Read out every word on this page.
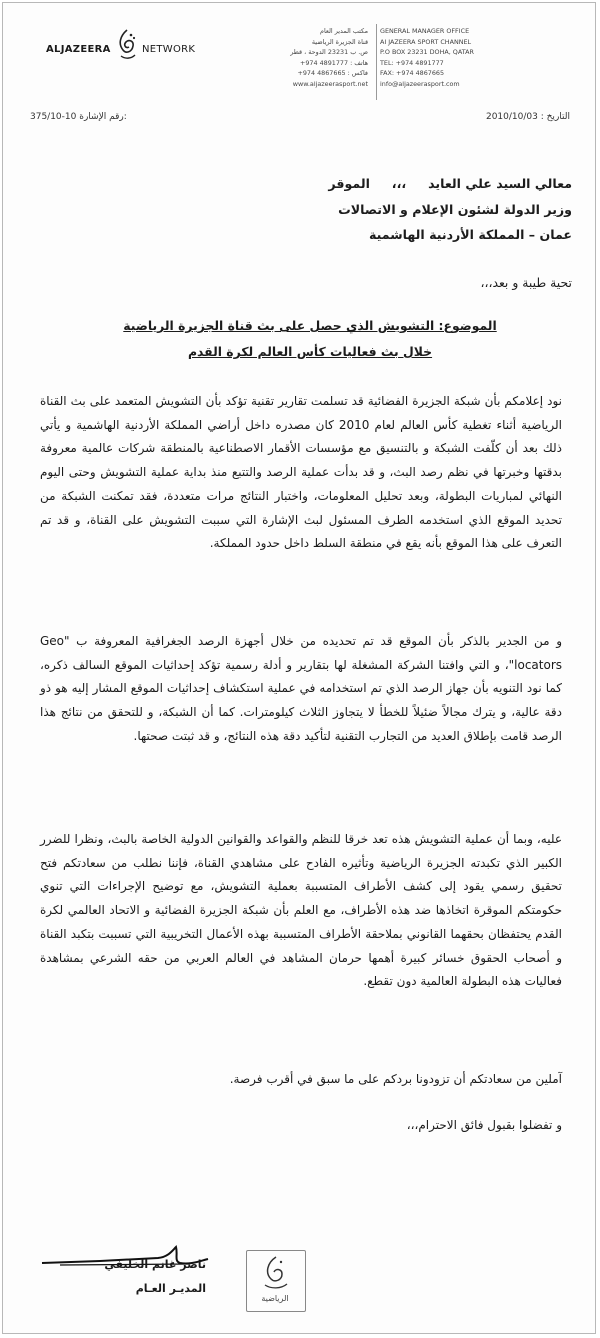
ALJAZEERA	NETWORK
مكتب المدير العام
قناة الجزيرة الرياضية
ص. ب 23231 الدوحة ، قطر
هاتف : 4891777 974+
فاكس : 4867665 974+
www.aljazeerasport.net
GENERAL MANAGER OFFICE
AI JAZEERA SPORT CHANNEL
P.O BOX 23231 DOHA, QATAR
TEL: +974 4891777
FAX: +974 4867665
info@aljazeerasport.com
التاريخ : 2010/10/03
375/10-10 رقم الإشارة:
معالي السيد علي العايد     ،،،     الموقر
وزير الدولة لشئون الإعلام و الاتصالات
عمان – المملكة الأردنية الهاشمية
تحية طيبة و بعد،،،
الموضوع: التشويش الذي حصل على بث قناة الجزيرة الرياضية
خلال بث فعاليات كأس العالم لكرة القدم
نود إعلامكم بأن شبكة الجزيرة الفضائية قد تسلمت تقارير تقنية تؤكد بأن التشويش المتعمد على بث القناة الرياضية أثناء تغطية كأس العالم لعام 2010 كان مصدره داخل أراضي المملكة الأردنية الهاشمية و يأتي ذلك بعد أن كلّفت الشبكة و بالتنسيق مع مؤسسات الأقمار الاصطناعية بالمنطقة شركات عالمية معروفة بدقتها وخبرتها في نظم رصد البث، و قد بدأت عملية الرصد والتتبع منذ بداية عملية التشويش وحتى اليوم النهائي لمباريات البطولة، وبعد تحليل المعلومات، واختبار النتائج مرات متعددة، فقد تمكنت الشبكة من تحديد الموقع الذي استخدمه الطرف المسئول لبث الإشارة التي سببت التشويش على القناة، و قد تم التعرف على هذا الموقع بأنه يقع في منطقة السلط داخل حدود المملكة.
و من الجدير بالذكر بأن الموقع قد تم تحديده من خلال أجهزة الرصد الجغرافية المعروفة ب "Geo locators"، و التي وافتنا الشركة المشغلة لها بتقارير و أدلة رسمية تؤكد إحداثيات الموقع السالف ذكره، كما نود التنويه بأن جهاز الرصد الذي تم استخدامه في عملية استكشاف إحداثيات الموقع المشار إليه هو ذو دقة عالية، و يترك مجالاً ضئيلاً للخطأ لا يتجاوز الثلاث كيلومترات. كما أن الشبكة، و للتحقق من نتائج هذا الرصد قامت بإطلاق العديد من التجارب التقنية لتأكيد دقة هذه النتائج، و قد ثبتت صحتها.
عليه، وبما أن عملية التشويش هذه تعد خرقا للنظم والقواعد والقوانين الدولية الخاصة بالبث، ونظرا للضرر الكبير الذي تكبدته الجزيرة الرياضية وتأثيره الفادح على مشاهدي القناة، فإننا نطلب من سعادتكم فتح تحقيق رسمي يقود إلى كشف الأطراف المتسببة بعملية التشويش، مع توضيح الإجراءات التي تنوي حكومتكم الموقرة اتخاذها ضد هذه الأطراف، مع العلم بأن شبكة الجزيرة الفضائية و الاتحاد العالمي لكرة القدم يحتفظان بحقهما القانوني بملاحقة الأطراف المتسببة بهذه الأعمال التخريبية التي تسببت بتكبد القناة و أصحاب الحقوق خسائر كبيرة أهمها حرمان المشاهد في العالم العربي من حقه الشرعي بمشاهدة فعاليات هذه البطولة العالمية دون تقطع.
آملين من سعادتكم أن تزودونا بردكم على ما سبق في أقرب فرصة.
و تفضلوا بقبول فائق الاحترام،،،
ناصر غانم الخليفي
المديـر العـام
الرياضية
